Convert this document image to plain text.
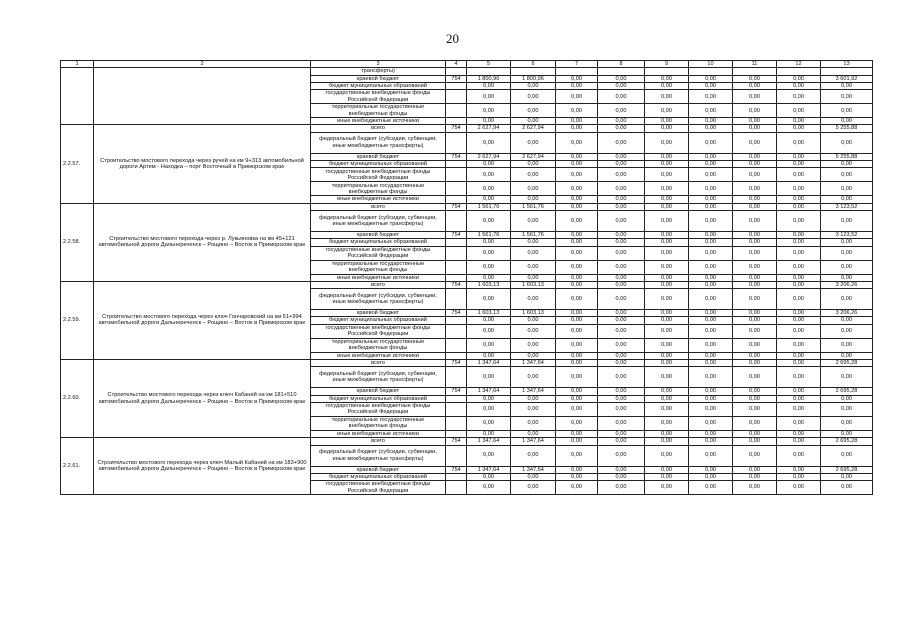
20
1	2	3	4	5	6	7	8	9	10	11	12	13
		трансферты)										
		краевой бюджет	754	1 800,96	1 800,96	0,00	0,00	0,00	0,00	0,00	0,00	3 601,92
		бюджет муниципальных образований		0,00	0,00	0,00	0,00	0,00	0,00	0,00	0,00	0,00
		государственные внебюджетные фонды Российской Федерации		0,00	0,00	0,00	0,00	0,00	0,00	0,00	0,00	0,00
		территориальные государственные внебюджетные фонды		0,00	0,00	0,00	0,00	0,00	0,00	0,00	0,00	0,00
		иные внебюджетные источники		0,00	0,00	0,00	0,00	0,00	0,00	0,00	0,00	0,00
2.2.57.	Строительство мостового перехода через ручей на км 9+313 автомобильной дороги Артем - Находка – порт Восточный в Приморском крае	всего	754	2 627,94	2 627,94	0,00	0,00	0,00	0,00	0,00	0,00	5 255,88
		федеральный бюджет (субсидии, субвенции, иные межбюджетные трансферты)		0,00	0,00	0,00	0,00	0,00	0,00	0,00	0,00	0,00
		краевой бюджет	754	2 627,94	2 627,94	0,00	0,00	0,00	0,00	0,00	0,00	5 255,88
		бюджет муниципальных образований		0,00	0,00	0,00	0,00	0,00	0,00	0,00	0,00	0,00
		государственные внебюджетные фонды Российской Федерации		0,00	0,00	0,00	0,00	0,00	0,00	0,00	0,00	0,00
		территориальные государственные внебюджетные фонды		0,00	0,00	0,00	0,00	0,00	0,00	0,00	0,00	0,00
		иные внебюджетные источники		0,00	0,00	0,00	0,00	0,00	0,00	0,00	0,00	0,00
2.2.58.	Строительство мостового перехода через р. Лукьяновка на км 45+121 автомобильной дороги Дальнереченск – Рощино – Восток в Приморском крае	всего	754	1 561,76	1 561,76	0,00	0,00	0,00	0,00	0,00	0,00	3 123,52
		федеральный бюджет (субсидии, субвенции, иные межбюджетные трансферты)		0,00	0,00	0,00	0,00	0,00	0,00	0,00	0,00	0,00
		краевой бюджет	754	1 561,76	1 561,76	0,00	0,00	0,00	0,00	0,00	0,00	3 123,52
		бюджет муниципальных образований		0,00	0,00	0,00	0,00	0,00	0,00	0,00	0,00	0,00
		государственные внебюджетные фонды Российской Федерации		0,00	0,00	0,00	0,00	0,00	0,00	0,00	0,00	0,00
		территориальные государственные внебюджетные фонды		0,00	0,00	0,00	0,00	0,00	0,00	0,00	0,00	0,00
		иные внебюджетные источники		0,00	0,00	0,00	0,00	0,00	0,00	0,00	0,00	0,00
2.2.59.	Строительство мостового перехода через ключ Гончаровский на км 51+994 автомобильной дороги Дальнереченск – Рощино – Восток в Приморском крае	всего	754	1 603,13	1 603,13	0,00	0,00	0,00	0,00	0,00	0,00	3 206,26
		федеральный бюджет (субсидии, субвенции, иные межбюджетные трансферты)		0,00	0,00	0,00	0,00	0,00	0,00	0,00	0,00	0,00
		краевой бюджет	754	1 603,13	1 603,13	0,00	0,00	0,00	0,00	0,00	0,00	3 206,26
		бюджет муниципальных образований		0,00	0,00	0,00	0,00	0,00	0,00	0,00	0,00	0,00
		государственные внебюджетные фонды Российской Федерации		0,00	0,00	0,00	0,00	0,00	0,00	0,00	0,00	0,00
		территориальные государственные внебюджетные фонды		0,00	0,00	0,00	0,00	0,00	0,00	0,00	0,00	0,00
		иные внебюджетные источники		0,00	0,00	0,00	0,00	0,00	0,00	0,00	0,00	0,00
2.2.60.	Строительство мостового перехода через ключ Кабаний на км 181+510 автомобильной дороги Дальнереченск – Рощино – Восток в Приморском крае	всего	754	1 347,64	1 347,64	0,00	0,00	0,00	0,00	0,00	0,00	2 695,28
		федеральный бюджет (субсидии, субвенции, иные межбюджетные трансферты)		0,00	0,00	0,00	0,00	0,00	0,00	0,00	0,00	0,00
		краевой бюджет	754	1 347,64	1 347,64	0,00	0,00	0,00	0,00	0,00	0,00	2 695,28
		бюджет муниципальных образований		0,00	0,00	0,00	0,00	0,00	0,00	0,00	0,00	0,00
		государственные внебюджетные фонды Российской Федерации		0,00	0,00	0,00	0,00	0,00	0,00	0,00	0,00	0,00
		территориальные государственные внебюджетные фонды		0,00	0,00	0,00	0,00	0,00	0,00	0,00	0,00	0,00
		иные внебюджетные источники		0,00	0,00	0,00	0,00	0,00	0,00	0,00	0,00	0,00
2.2.61.	Строительство мостового перехода через ключ Малый Кабаний на км 183+900 автомобильной дороги Дальнереченск – Рощино – Восток в Приморском крае	всего	754	1 347,64	1 347,64	0,00	0,00	0,00	0,00	0,00	0,00	2 695,28
		федеральный бюджет (субсидии, субвенции, иные межбюджетные трансферты)		0,00	0,00	0,00	0,00	0,00	0,00	0,00	0,00	0,00
		краевой бюджет	754	1 347,64	1 347,64	0,00	0,00	0,00	0,00	0,00	0,00	2 695,28
		бюджет муниципальных образований		0,00	0,00	0,00	0,00	0,00	0,00	0,00	0,00	0,00
		государственные внебюджетные фонды Российской Федерации		0,00	0,00	0,00	0,00	0,00	0,00	0,00	0,00	0,00
